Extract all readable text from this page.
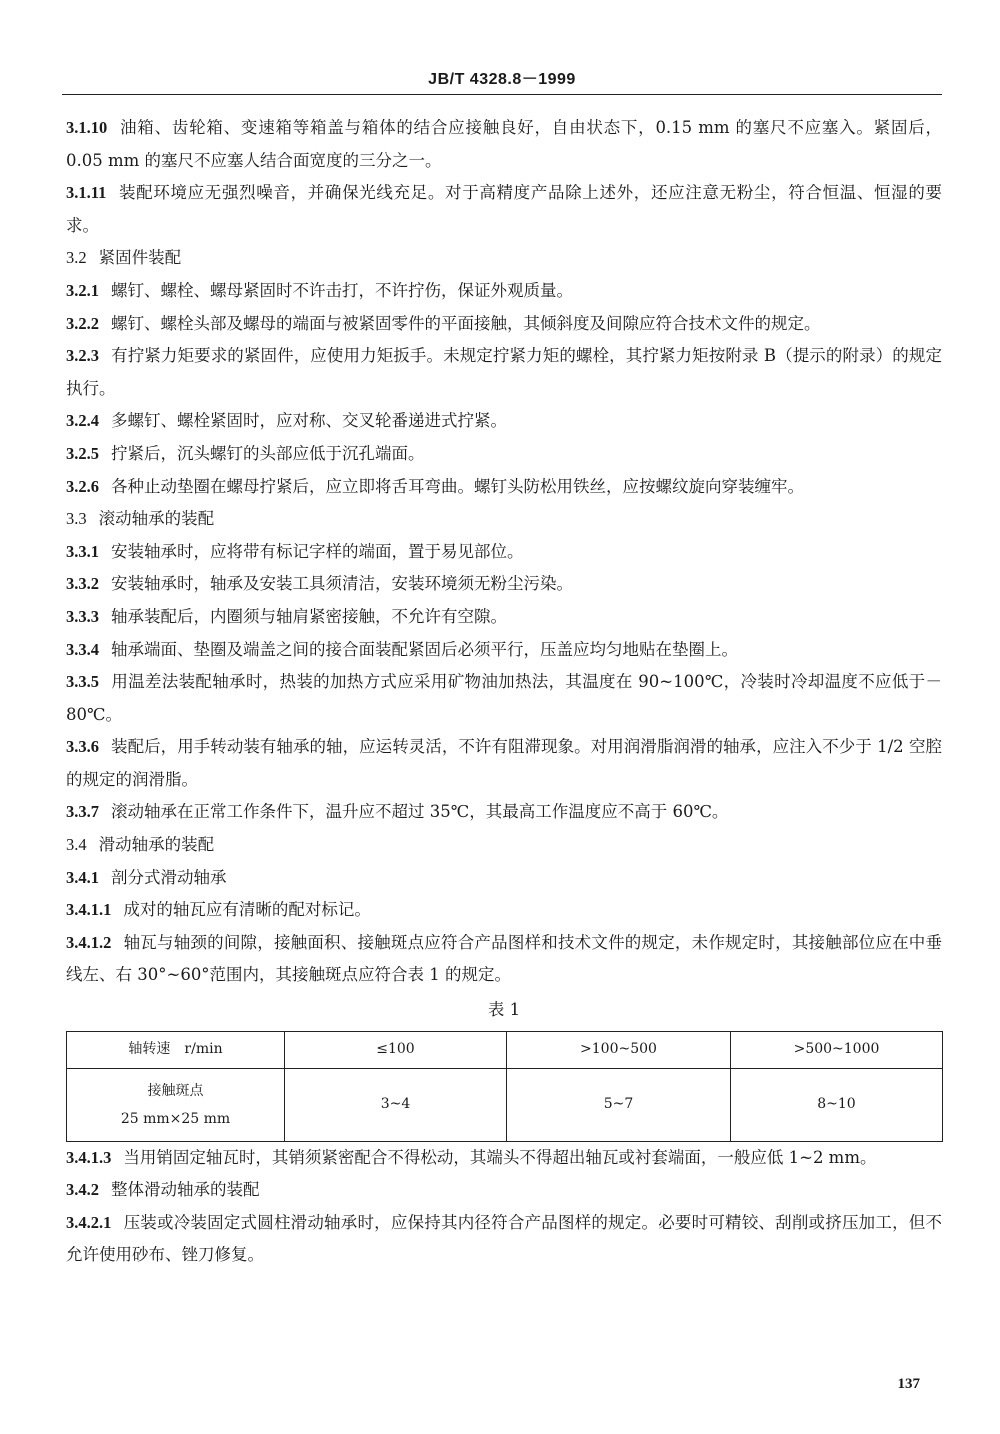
JB/T 4328.8－1999

3.1.10 油箱、齿轮箱、变速箱等箱盖与箱体的结合应接触良好，自由状态下，0.15 mm 的塞尺不应塞入。紧固后，0.05 mm 的塞尺不应塞人结合面宽度的三分之一。

3.1.11 装配环境应无强烈噪音，并确保光线充足。对于高精度产品除上述外，还应注意无粉尘，符合恒温、恒湿的要求。

3.2 紧固件装配

3.2.1 螺钉、螺栓、螺母紧固时不许击打，不许拧伤，保证外观质量。

3.2.2 螺钉、螺栓头部及螺母的端面与被紧固零件的平面接触，其倾斜度及间隙应符合技术文件的规定。

3.2.3 有拧紧力矩要求的紧固件，应使用力矩扳手。未规定拧紧力矩的螺栓，其拧紧力矩按附录 B（提示的附录）的规定执行。

3.2.4 多螺钉、螺栓紧固时，应对称、交叉轮番递进式拧紧。

3.2.5 拧紧后，沉头螺钉的头部应低于沉孔端面。

3.2.6 各种止动垫圈在螺母拧紧后，应立即将舌耳弯曲。螺钉头防松用铁丝，应按螺纹旋向穿装缠牢。

3.3 滚动轴承的装配

3.3.1 安装轴承时，应将带有标记字样的端面，置于易见部位。

3.3.2 安装轴承时，轴承及安装工具须清洁，安装环境须无粉尘污染。

3.3.3 轴承装配后，内圈须与轴肩紧密接触，不允许有空隙。

3.3.4 轴承端面、垫圈及端盖之间的接合面装配紧固后必须平行，压盖应均匀地贴在垫圈上。

3.3.5 用温差法装配轴承时，热装的加热方式应采用矿物油加热法，其温度在 90~100℃，冷装时冷却温度不应低于－80℃。

3.3.6 装配后，用手转动装有轴承的轴，应运转灵活，不许有阻滞现象。对用润滑脂润滑的轴承，应注入不少于 1/2 空腔的规定的润滑脂。

3.3.7 滚动轴承在正常工作条件下，温升应不超过 35℃，其最高工作温度应不高于 60℃。

3.4 滑动轴承的装配

3.4.1 剖分式滑动轴承

3.4.1.1 成对的轴瓦应有清晰的配对标记。

3.4.1.2 轴瓦与轴颈的间隙，接触面积、接触斑点应符合产品图样和技术文件的规定，未作规定时，其接触部位应在中垂线左、右 30°~60°范围内，其接触斑点应符合表 1 的规定。

表 1
轴转速　r/min	≤100	>100~500	>500~1000

接触斑点
25 mm×25 mm	3~4	5~7	8~10

3.4.1.3 当用销固定轴瓦时，其销须紧密配合不得松动，其端头不得超出轴瓦或衬套端面，一般应低 1~2 mm。

3.4.2 整体滑动轴承的装配

3.4.2.1 压装或冷装固定式圆柱滑动轴承时，应保持其内径符合产品图样的规定。必要时可精铰、刮削或挤压加工，但不允许使用砂布、锉刀修复。

137
